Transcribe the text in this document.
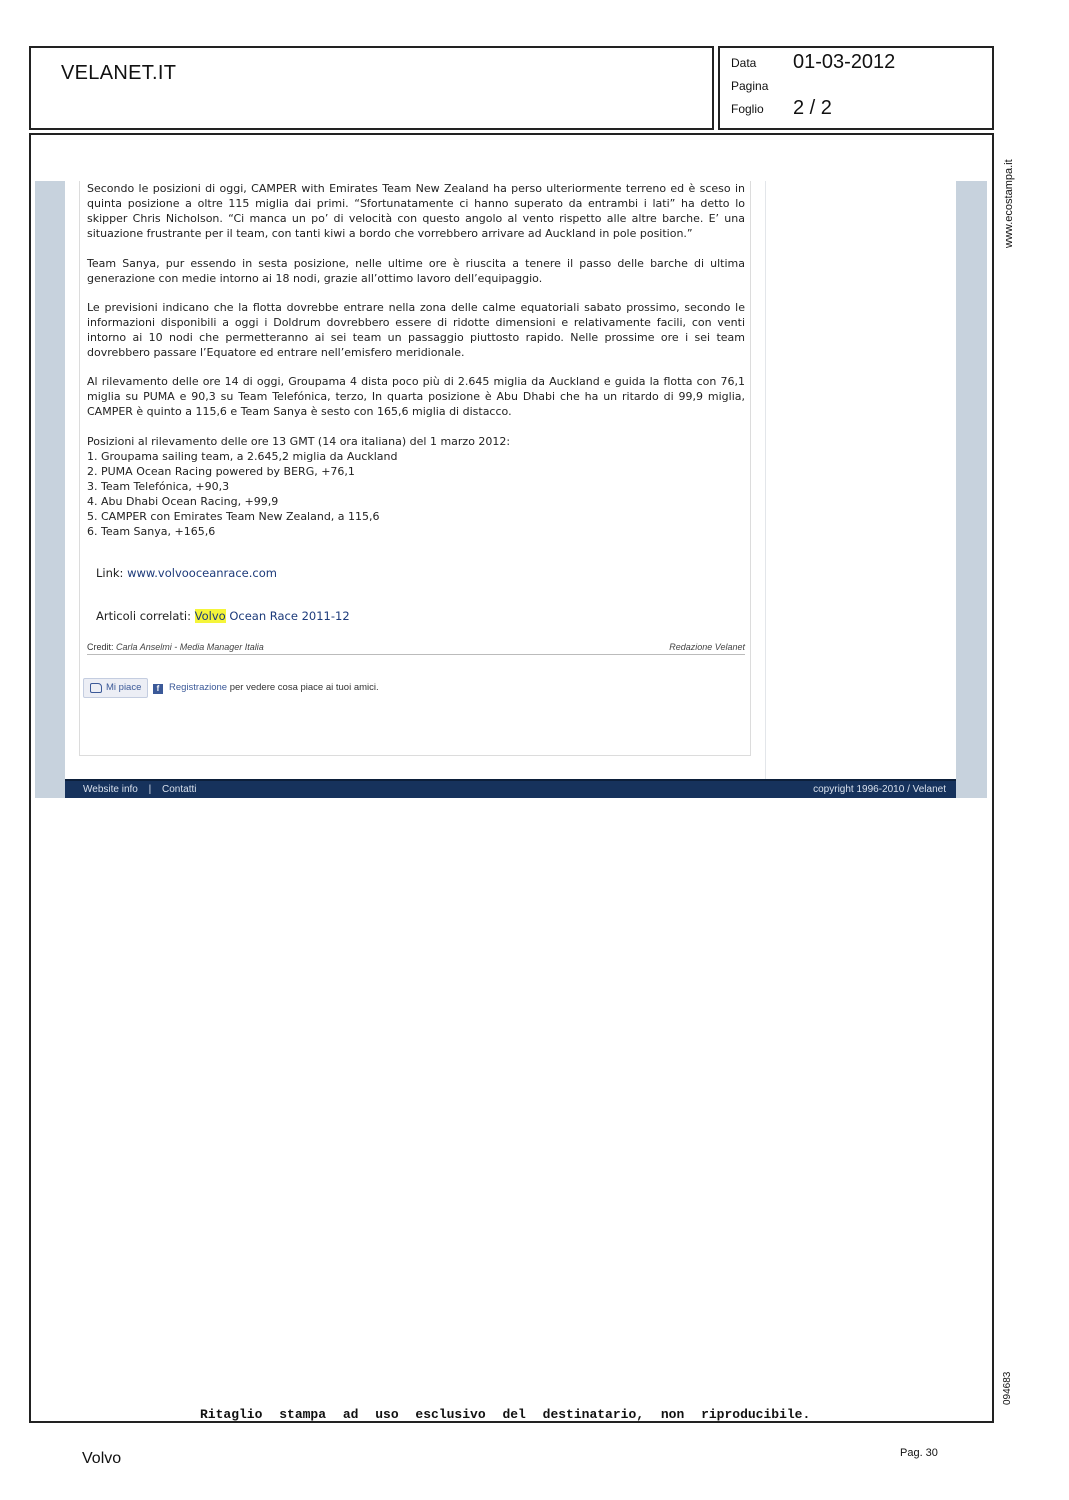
VELANET.IT	Data 01-03-2012
Pagina
Foglio 2 / 2
www.ecostampa.it
094683
Secondo le posizioni di oggi, CAMPER with Emirates Team New Zealand ha perso ulteriormente terreno ed è sceso in quinta posizione a oltre 115 miglia dai primi. “Sfortunatamente ci hanno superato da entrambi i lati” ha detto lo skipper Chris Nicholson. “Ci manca un po’ di velocità con questo angolo al vento rispetto alle altre barche. E’ una situazione frustrante per il team, con tanti kiwi a bordo che vorrebbero arrivare ad Auckland in pole position.”
Team Sanya, pur essendo in sesta posizione, nelle ultime ore è riuscita a tenere il passo delle barche di ultima generazione con medie intorno ai 18 nodi, grazie all’ottimo lavoro dell’equipaggio.
Le previsioni indicano che la flotta dovrebbe entrare nella zona delle calme equatoriali sabato prossimo, secondo le informazioni disponibili a oggi i Doldrum dovrebbero essere di ridotte dimensioni e relativamente facili, con venti intorno ai 10 nodi che permetteranno ai sei team un passaggio piuttosto rapido. Nelle prossime ore i sei team dovrebbero passare l’Equatore ed entrare nell’emisfero meridionale.
Al rilevamento delle ore 14 di oggi, Groupama 4 dista poco più di 2.645 miglia da Auckland e guida la flotta con 76,1 miglia su PUMA e 90,3 su Team Telefónica, terzo, In quarta posizione è Abu Dhabi che ha un ritardo di 99,9 miglia, CAMPER è quinto a 115,6 e Team Sanya è sesto con 165,6 miglia di distacco.
Posizioni al rilevamento delle ore 13 GMT (14 ora italiana) del 1 marzo 2012:
1. Groupama sailing team, a 2.645,2 miglia da Auckland
2. PUMA Ocean Racing powered by BERG, +76,1
3. Team Telefónica, +90,3
4. Abu Dhabi Ocean Racing, +99,9
5. CAMPER con Emirates Team New Zealand, a 115,6
6. Team Sanya, +165,6
Link: www.volvooceanrace.com
Articoli correlati: Volvo Ocean Race 2011-12
Credit: Carla Anselmi - Media Manager Italia	Redazione Velanet
Mi piace	f Registrazione per vedere cosa piace ai tuoi amici.
Website info | Contatti	copyright 1996-2010 / Velanet
Ritaglio stampa ad uso esclusivo del destinatario, non riproducibile.
Volvo	Pag. 30
